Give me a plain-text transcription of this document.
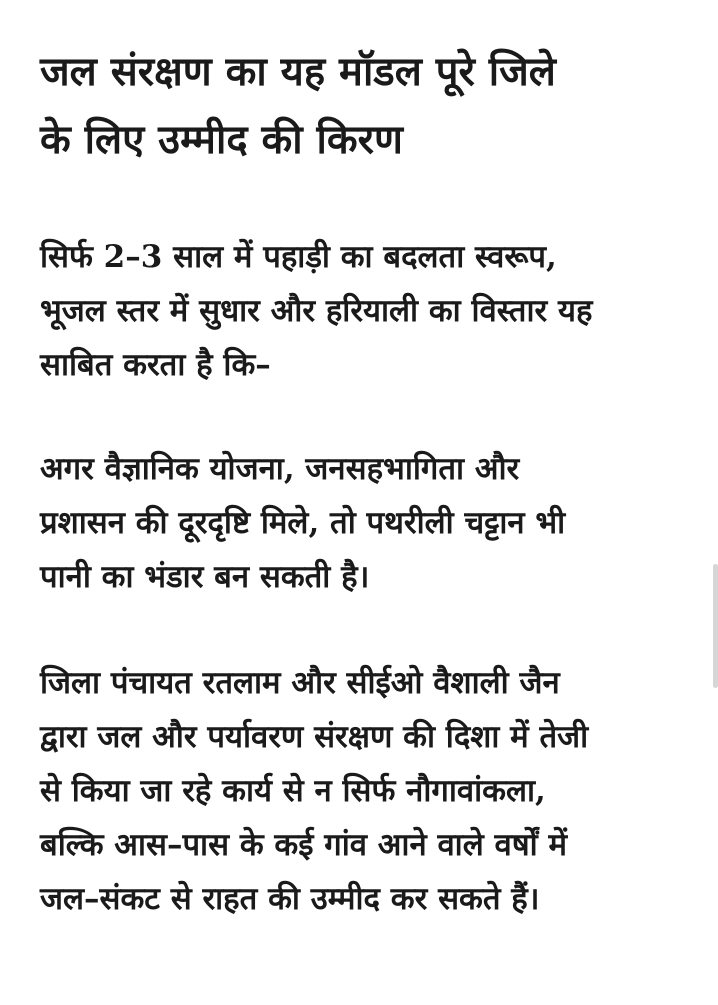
जल संरक्षण का यह मॉडल पूरे जिले
के लिए उम्मीद की किरण

सिर्फ 2–3 साल में पहाड़ी का बदलता स्वरूप,
भूजल स्तर में सुधार और हरियाली का विस्तार यह
साबित करता है कि–

अगर वैज्ञानिक योजना, जनसहभागिता और
प्रशासन की दूरदृष्टि मिले, तो पथरीली चट्टान भी
पानी का भंडार बन सकती है।

जिला पंचायत रतलाम और सीईओ वैशाली जैन
द्वारा जल और पर्यावरण संरक्षण की दिशा में तेजी
से किया जा रहे कार्य से न सिर्फ नौगावांकला,
बल्कि आस–पास के कई गांव आने वाले वर्षों में
जल–संकट से राहत की उम्मीद कर सकते हैं।
